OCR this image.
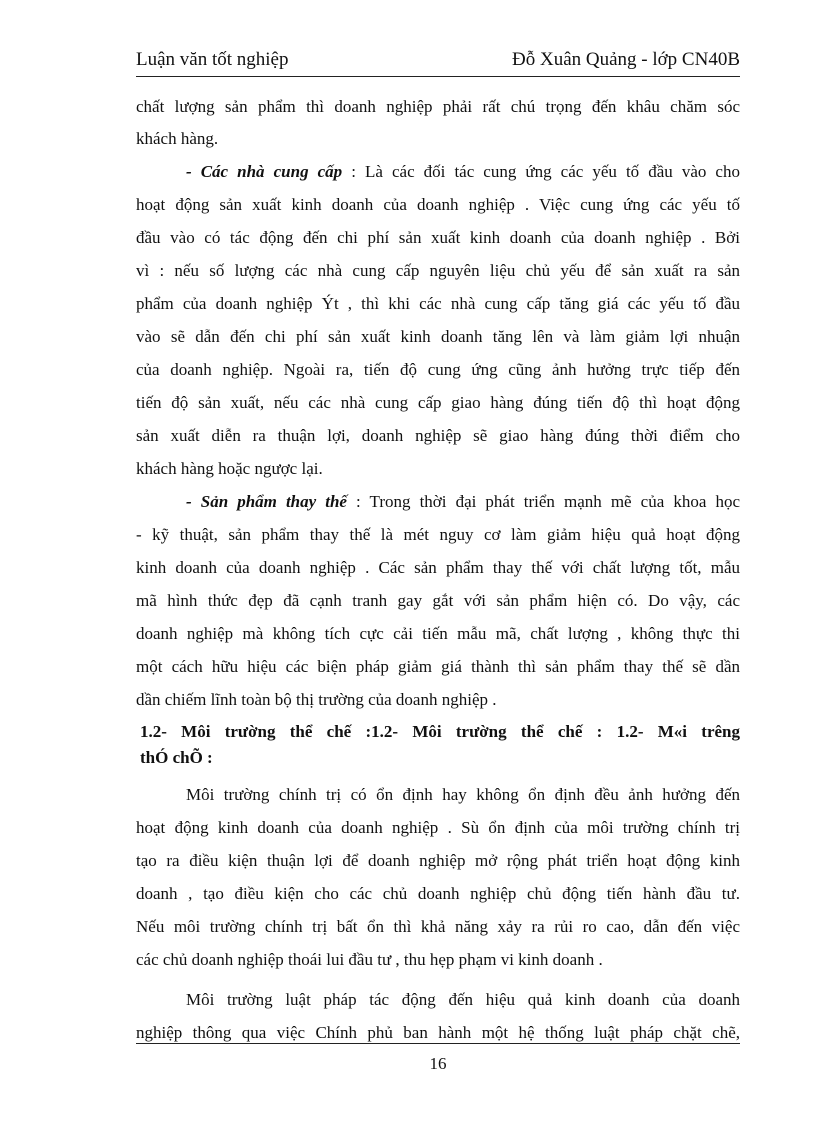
Luận văn tốt nghiệp	Đỗ Xuân Quảng - lớp CN40B
chất lượng sản phẩm thì doanh nghiệp phải rất chú trọng đến khâu chăm sóc
khách hàng.
- Các nhà cung cấp : Là các đối tác cung ứng các yếu tố đầu vào cho
hoạt động sản xuất kinh doanh của doanh nghiệp . Việc cung ứng các yếu tố
đầu vào có tác động đến chi phí sản xuất kinh doanh của doanh nghiệp . Bởi
vì : nếu số lượng các nhà cung cấp nguyên liệu chủ yếu để sản xuất ra sản
phẩm của doanh nghiệp Ýt , thì khi các nhà cung cấp tăng giá các yếu tố đầu
vào sẽ dẫn đến chi phí sản xuất kinh doanh tăng lên và làm giảm lợi nhuận
của doanh nghiệp. Ngoài ra, tiến độ cung ứng cũng ảnh hưởng trực tiếp đến
tiến độ sản xuất, nếu các nhà cung cấp giao hàng đúng tiến độ thì hoạt động
sản xuất diễn ra thuận lợi, doanh nghiệp sẽ giao hàng đúng thời điểm cho
khách hàng hoặc ngược lại.
- Sản phẩm thay thế : Trong thời đại phát triển mạnh mẽ của khoa học
- kỹ thuật, sản phẩm thay thế là mét nguy cơ làm giảm hiệu quả hoạt động
kinh doanh của doanh nghiệp . Các sản phẩm thay thế với chất lượng tốt, mẫu
mã hình thức đẹp đã cạnh tranh gay gắt với sản phẩm hiện có. Do vậy, các
doanh nghiệp mà không tích cực cải tiến mẫu mã, chất lượng , không thực thi
một cách hữu hiệu các biện pháp giảm giá thành thì sản phẩm thay thế sẽ dần
dần chiếm lĩnh toàn bộ thị trường của doanh nghiệp .
1.2- Môi trường thể chế :1.2- Môi trường thể chế : 1.2- M«i trêng
thÓ chÕ :
Môi trường chính trị có ổn định hay không ổn định đều ảnh hưởng đến
hoạt động kinh doanh của doanh nghiệp . Sù ổn định của môi trường chính trị
tạo ra điều kiện thuận lợi để doanh nghiệp mở rộng phát triển hoạt động kinh
doanh , tạo điều kiện cho các chủ doanh nghiệp chủ động tiến hành đầu tư.
Nếu môi trường chính trị bất ổn thì khả năng xảy ra rủi ro cao, dẫn đến việc
các chủ doanh nghiệp thoái lui đầu tư , thu hẹp phạm vi kinh doanh .
Môi trường luật pháp tác động đến hiệu quả kinh doanh của doanh
nghiệp thông qua việc Chính phủ ban hành một hệ thống luật pháp chặt chẽ,
16
